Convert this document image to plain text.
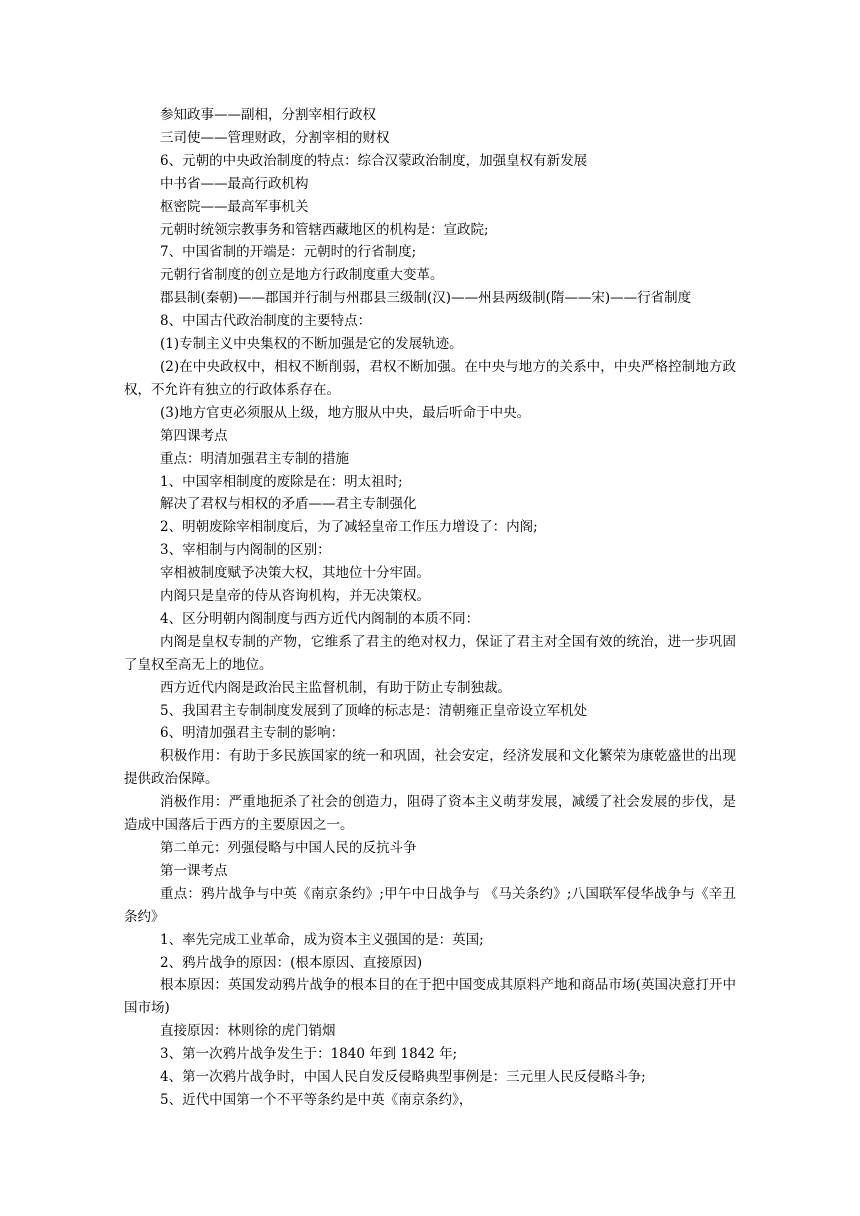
参知政事——副相，分割宰相行政权
三司使——管理财政，分割宰相的财权
6、元朝的中央政治制度的特点：综合汉蒙政治制度，加强皇权有新发展
中书省——最高行政机构
枢密院——最高军事机关
元朝时统领宗教事务和管辖西藏地区的机构是：宣政院;
7、中国省制的开端是：元朝时的行省制度;
元朝行省制度的创立是地方行政制度重大变革。
郡县制(秦朝)——郡国并行制与州郡县三级制(汉)——州县两级制(隋——宋)——行省制度
8、中国古代政治制度的主要特点：
(1)专制主义中央集权的不断加强是它的发展轨迹。
(2)在中央政权中，相权不断削弱，君权不断加强。在中央与地方的关系中，中央严格控制地方政权，不允许有独立的行政体系存在。
(3)地方官吏必须服从上级，地方服从中央，最后听命于中央。
第四课考点
重点：明清加强君主专制的措施
1、中国宰相制度的废除是在：明太祖时;
解决了君权与相权的矛盾——君主专制强化
2、明朝废除宰相制度后，为了减轻皇帝工作压力增设了：内阁;
3、宰相制与内阁制的区别：
宰相被制度赋予决策大权，其地位十分牢固。
内阁只是皇帝的侍从咨询机构，并无决策权。
4、区分明朝内阁制度与西方近代内阁制的本质不同：
内阁是皇权专制的产物，它维系了君主的绝对权力，保证了君主对全国有效的统治，进一步巩固了皇权至高无上的地位。
西方近代内阁是政治民主监督机制，有助于防止专制独裁。
5、我国君主专制制度发展到了顶峰的标志是：清朝雍正皇帝设立军机处
6、明清加强君主专制的影响：
积极作用：有助于多民族国家的统一和巩固，社会安定，经济发展和文化繁荣为康乾盛世的出现提供政治保障。
消极作用：严重地扼杀了社会的创造力，阻碍了资本主义萌芽发展，减缓了社会发展的步伐，是造成中国落后于西方的主要原因之一。
第二单元：列强侵略与中国人民的反抗斗争
第一课考点
重点：鸦片战争与中英《南京条约》;甲午中日战争与 《马关条约》;八国联军侵华战争与《辛丑条约》
1、率先完成工业革命，成为资本主义强国的是：英国;
2、鸦片战争的原因：(根本原因、直接原因)
根本原因：英国发动鸦片战争的根本目的在于把中国变成其原料产地和商品市场(英国决意打开中国市场)
直接原因：林则徐的虎门销烟
3、第一次鸦片战争发生于：1840 年到 1842 年;
4、第一次鸦片战争时，中国人民自发反侵略典型事例是：三元里人民反侵略斗争;
5、近代中国第一个不平等条约是中英《南京条约》，
